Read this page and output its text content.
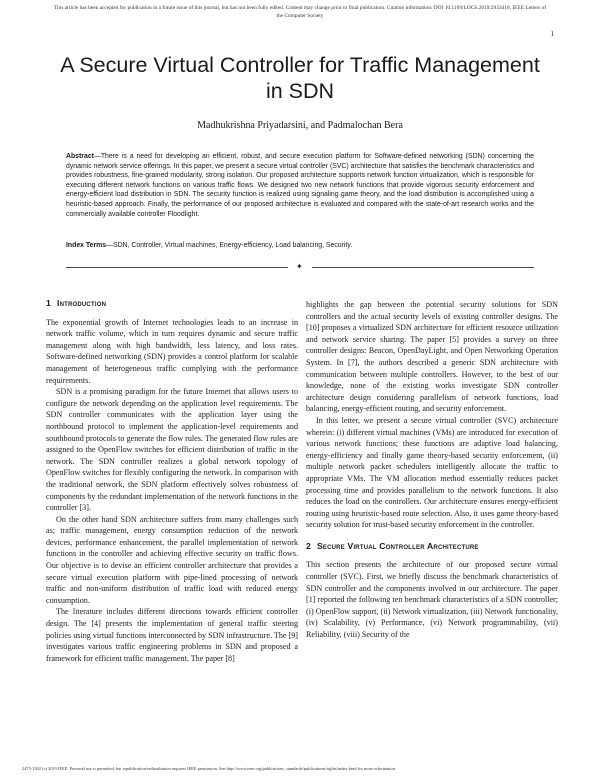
This article has been accepted for publication in a future issue of this journal, but has not been fully edited. Content may change prior to final publication. Citation information: DOI 10.1109/LOCS.2019.2933418, IEEE Letters of
the Computer Society
1
A Secure Virtual Controller for Traffic Management in SDN
Madhukrishna Priyadarsini, and Padmalochan Bera
Abstract—There is a need for developing an efficient, robust, and secure execution platform for Software-defined networking (SDN) concerning the dynamic network service offerings. In this paper, we present a secure virtual controller (SVC) architecture that satisfies the benchmark characteristics and provides robustness, fine-grained modularity, strong isolation. Our proposed architecture supports network function virtualization, which is responsible for executing different network functions on various traffic flows. We designed two new network functions that provide vigorous security enforcement and energy-efficient load distribution in SDN. The security function is realized using signaling game theory, and the load distribution is accomplished using a heuristic-based approach. Finally, the performance of our proposed architecture is evaluated and compared with the state-of-art research works and the commercially available controller Floodlight.
Index Terms—SDN, Controller, Virtual machines, Energy-efficiency, Load balancing, Security.
✦
1 Introduction

The exponential growth of Internet technologies leads to an increase in network traffic volume, which in turn requires dynamic and secure traffic management along with high bandwidth, less latency, and loss rates. Software-defined networking (SDN) provides a control platform for scalable management of heterogeneous traffic complying with the performance requirements.

SDN is a promising paradigm for the future Internet that allows users to configure the network depending on the application level requirements. The SDN controller communicates with the application layer using the northbound protocol to implement the application-level requirements and southbound protocols to generate the flow rules. The generated flow rules are assigned to the OpenFlow switches for efficient distribution of traffic in the network. The SDN controller realizes a global network topology of OpenFlow switches for flexibly configuring the network. In comparison with the traditional network, the SDN platform effectively solves robustness of components by the redundant implementation of the network functions in the controller [3].

On the other hand SDN architecture suffers from many challenges such as; traffic management, energy consumption reduction of the network devices, performance enhancement, the parallel implementation of network functions in the controller and achieving effective security on traffic flows. Our objective is to devise an efficient controller architecture that provides a secure virtual execution platform with pipe-lined processing of network traffic and non-uniform distribution of traffic load with reduced energy consumption.

The literature includes different directions towards efficient controller design. The [4] presents the implementation of general traffic steering policies using virtual functions interconnected by SDN infrastructure. The [9] investigates various traffic engineering problems in SDN and proposed a framework for efficient traffic management. The paper [8]

highlights the gap between the potential security solutions for SDN controllers and the actual security levels of existing controller designs. The [10] proposes a virtualized SDN architecture for efficient resource utilization and network service sharing. The paper [5] provides a survey on three controller designs: Beacon, OpenDayLight, and Open Networking Operation System. In [7], the authors described a generic SDN architecture with communication between multiple controllers. However, to the best of our knowledge, none of the existing works investigate SDN controller architecture design considering parallelism of network functions, load balancing, energy-efficient routing, and security enforcement.

In this letter, we present a secure virtual controller (SVC) architecture wherein: (i) different virtual machines (VMs) are introduced for execution of various network functions; these functions are adaptive load balancing, energy-efficiency and finally game theory-based security enforcement, (ii) multiple network packet schedulers intelligently allocate the traffic to appropriate VMs. The VM allocation method essentially reduces packet processing time and provides parallelism to the network functions. It also reduces the load on the controllers. Our architecture ensures energy-efficient routing using heuristic-based route selection. Also, it uses game theory-based security solution for trust-based security enforcement in the controller.

2 Secure Virtual Controller Architecture

This section presents the architecture of our proposed secure virtual controller (SVC). First, we briefly discuss the benchmark characteristics of SDN controller and the components involved in our architecture. The paper [1] reported the following ten benchmark characteristics of a SDN controller; (i) OpenFlow support, (ii) Network virtualization, (iii) Network functionality, (iv) Scalability, (v) Performance, (vi) Network programmability, (vii) Reliability, (viii) Security of the

2475-1502 (c) 2019 IEEE. Personal use is permitted, but republication/redistribution requires IEEE permission. See http://www.ieee.org/publications_standards/publications/rights/index.html for more information.
